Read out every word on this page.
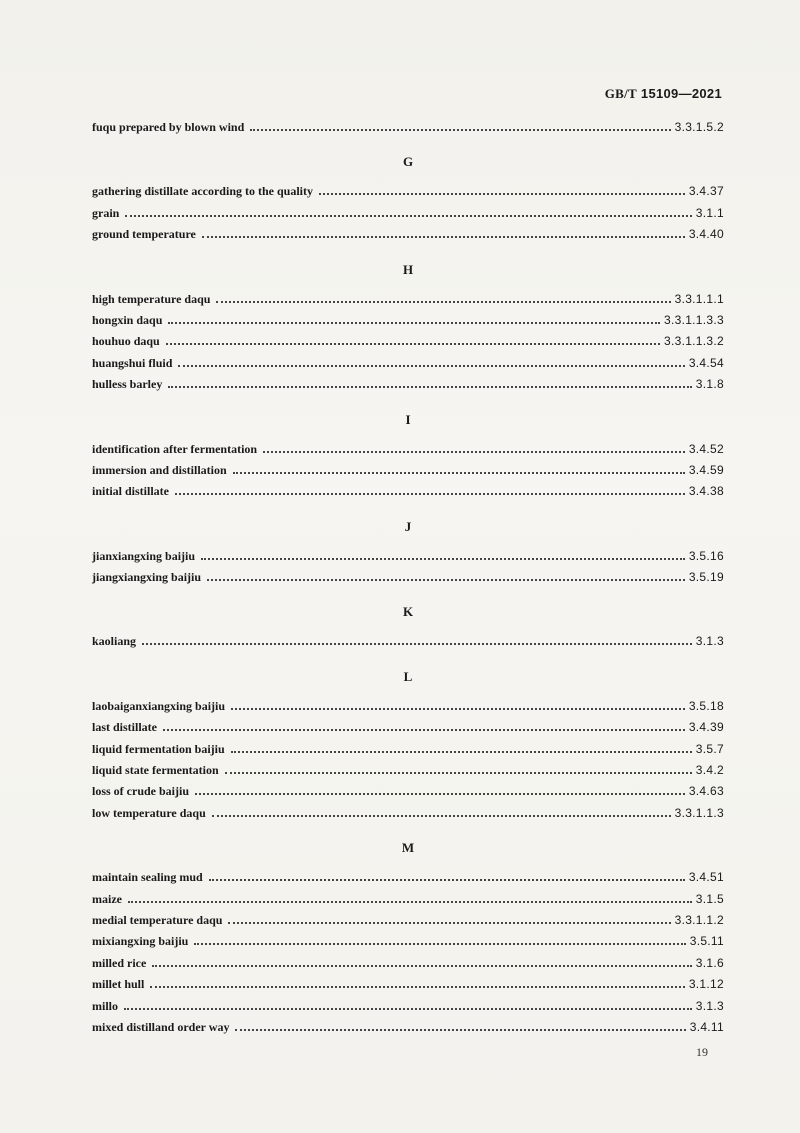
GB/T 15109—2021
fuqu prepared by blown wind	3.3.1.5.2
G
gathering distillate according to the quality	3.4.37
grain	3.1.1
ground temperature	3.4.40
H
high temperature daqu	3.3.1.1.1
hongxin daqu	3.3.1.1.3.3
houhuo daqu	3.3.1.1.3.2
huangshui fluid	3.4.54
hulless barley	3.1.8
I
identification after fermentation	3.4.52
immersion and distillation	3.4.59
initial distillate	3.4.38
J
jianxiangxing baijiu	3.5.16
jiangxiangxing baijiu	3.5.19
K
kaoliang	3.1.3
L
laobaiganxiangxing baijiu	3.5.18
last distillate	3.4.39
liquid fermentation baijiu	3.5.7
liquid state fermentation	3.4.2
loss of crude baijiu	3.4.63
low temperature daqu	3.3.1.1.3
M
maintain sealing mud	3.4.51
maize	3.1.5
medial temperature daqu	3.3.1.1.2
mixiangxing baijiu	3.5.11
milled rice	3.1.6
millet hull	3.1.12
millo	3.1.3
mixed distilland order way	3.4.11
19
